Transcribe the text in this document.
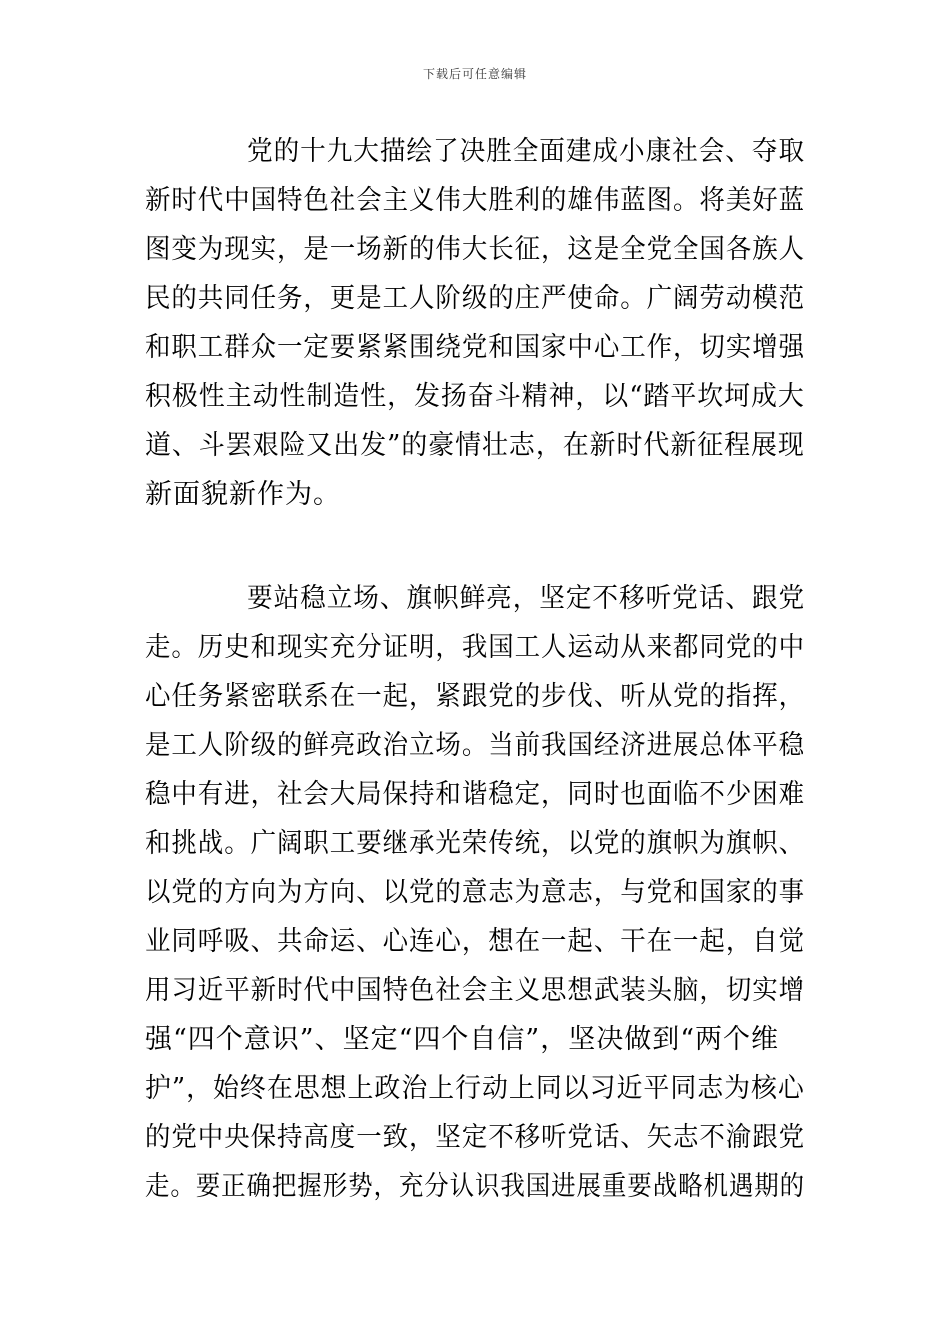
下载后可任意编辑
党的十九大描绘了决胜全面建成小康社会、夺取
新时代中国特色社会主义伟大胜利的雄伟蓝图。将美好蓝
图变为现实，是一场新的伟大长征，这是全党全国各族人
民的共同任务，更是工人阶级的庄严使命。广阔劳动模范
和职工群众一定要紧紧围绕党和国家中心工作，切实增强
积极性主动性制造性，发扬奋斗精神，以“踏平坎坷成大
道、斗罢艰险又出发”的豪情壮志，在新时代新征程展现
新面貌新作为。
要站稳立场、旗帜鲜亮，坚定不移听党话、跟党
走。历史和现实充分证明，我国工人运动从来都同党的中
心任务紧密联系在一起，紧跟党的步伐、听从党的指挥，
是工人阶级的鲜亮政治立场。当前我国经济进展总体平稳
稳中有进，社会大局保持和谐稳定，同时也面临不少困难
和挑战。广阔职工要继承光荣传统，以党的旗帜为旗帜、
以党的方向为方向、以党的意志为意志，与党和国家的事
业同呼吸、共命运、心连心，想在一起、干在一起，自觉
用习近平新时代中国特色社会主义思想武装头脑，切实增
强“四个意识”、坚定“四个自信”，坚决做到“两个维
护”，始终在思想上政治上行动上同以习近平同志为核心
的党中央保持高度一致，坚定不移听党话、矢志不渝跟党
走。要正确把握形势，充分认识我国进展重要战略机遇期的
